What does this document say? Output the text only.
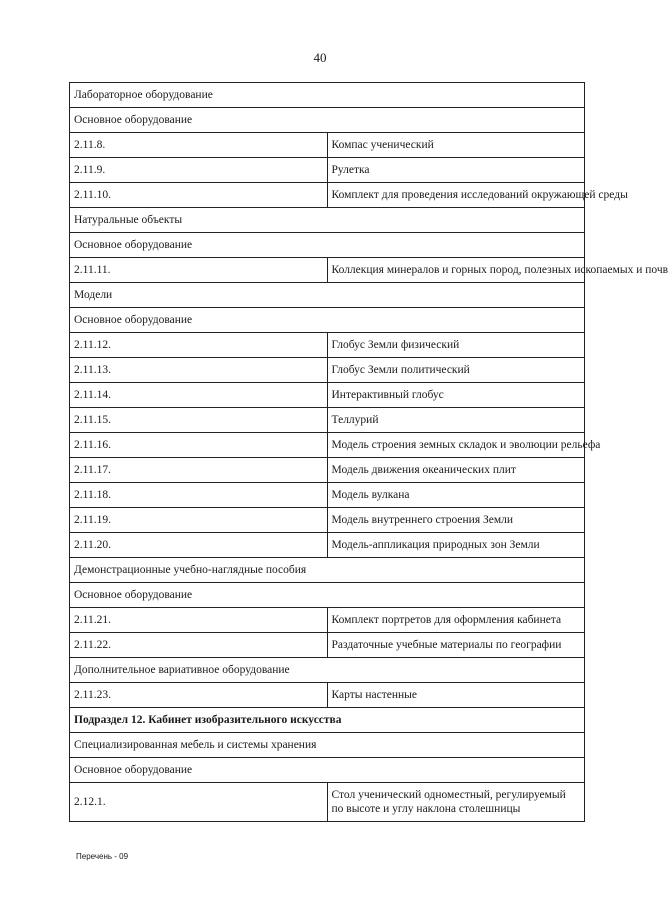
40
Лабораторное оборудование	
Основное оборудование	
2.11.8.	Компас ученический
2.11.9.	Рулетка
2.11.10.	Комплект для проведения исследований окружающей среды
Натуральные объекты	
Основное оборудование	
2.11.11.	Коллекция минералов и горных пород, полезных ископаемых и почв
Модели	
Основное оборудование	
2.11.12.	Глобус Земли физический
2.11.13.	Глобус Земли политический
2.11.14.	Интерактивный глобус
2.11.15.	Теллурий
2.11.16.	Модель строения земных складок и эволюции рельефа
2.11.17.	Модель движения океанических плит
2.11.18.	Модель вулкана
2.11.19.	Модель внутреннего строения Земли
2.11.20.	Модель-аппликация природных зон Земли
Демонстрационные учебно-наглядные пособия	
Основное оборудование	
2.11.21.	Комплект портретов для оформления кабинета
2.11.22.	Раздаточные учебные материалы по географии
Дополнительное вариативное оборудование	
2.11.23.	Карты настенные
Подраздел 12. Кабинет изобразительного искусства	
Специализированная мебель и системы хранения	
Основное оборудование	
2.12.1.	Стол ученический одноместный, регулируемый по высоте и углу наклона столешницы
Перечень - 09
